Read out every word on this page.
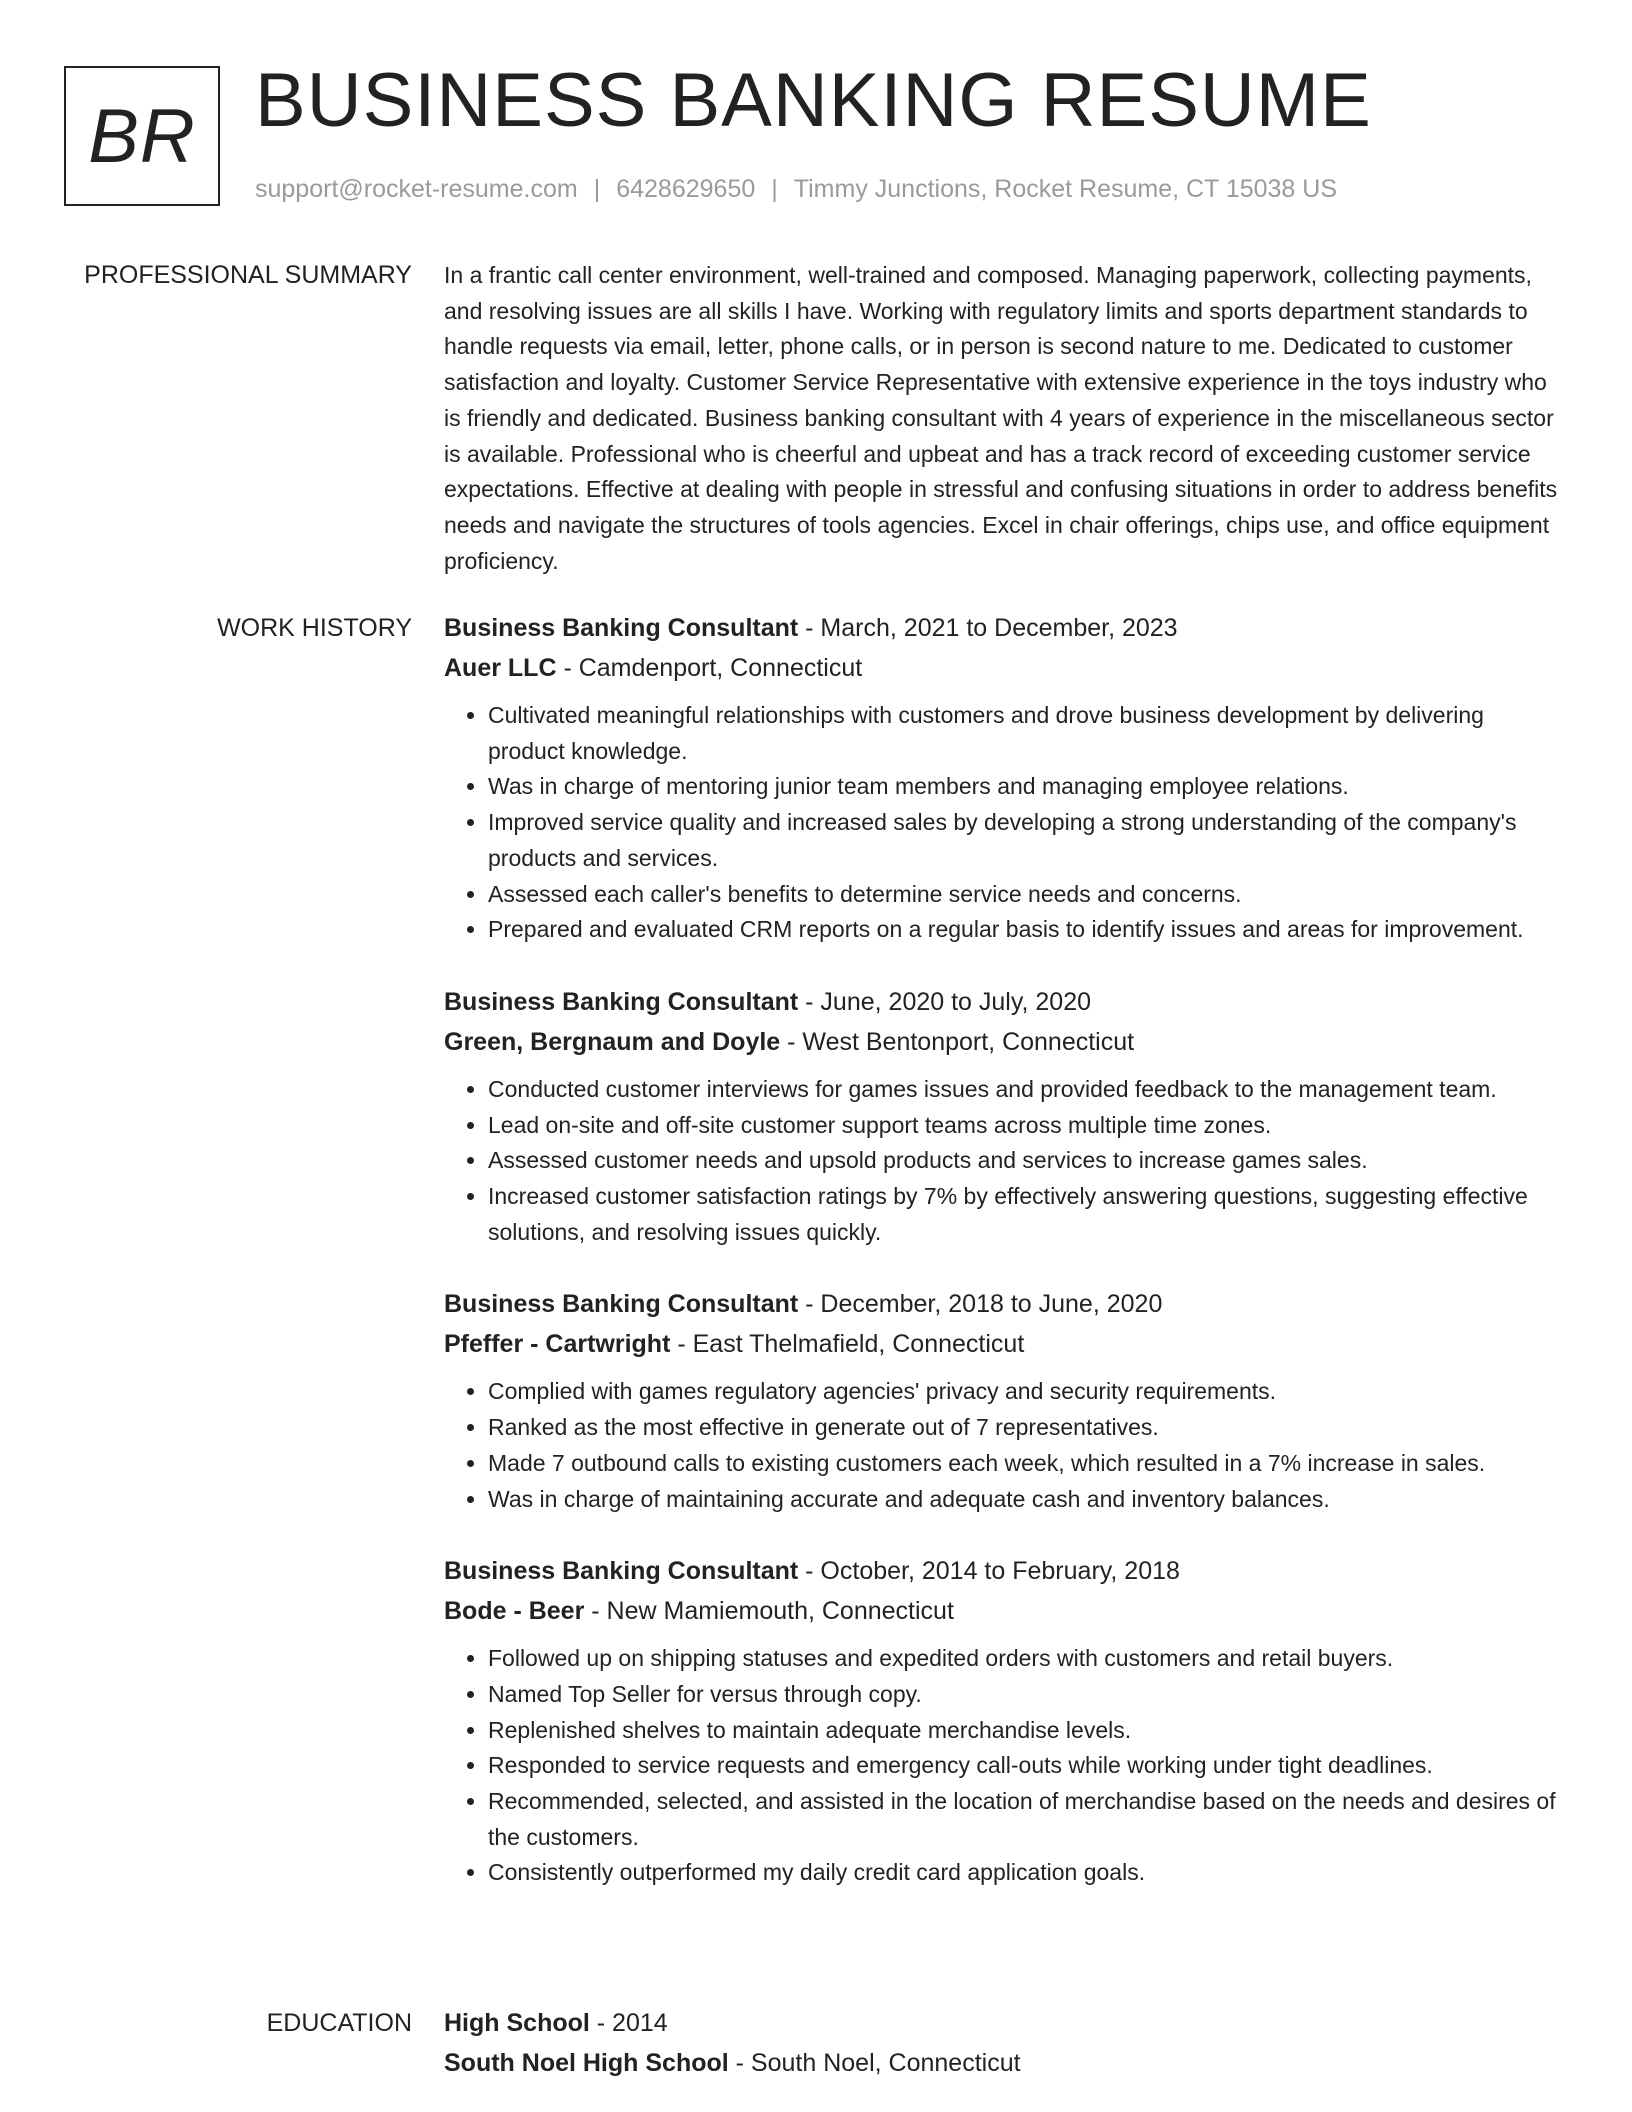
BR BUSINESS BANKING RESUME
support@rocket-resume.com | 6428629650 | Timmy Junctions, Rocket Resume, CT 15038 US
PROFESSIONAL SUMMARY In a frantic call center environment, well-trained and composed. Managing paperwork, collecting payments, and resolving issues are all skills I have. Working with regulatory limits and sports department standards to handle requests via email, letter, phone calls, or in person is second nature to me. Dedicated to customer satisfaction and loyalty. Customer Service Representative with extensive experience in the toys industry who is friendly and dedicated. Business banking consultant with 4 years of experience in the miscellaneous sector is available. Professional who is cheerful and upbeat and has a track record of exceeding customer service expectations. Effective at dealing with people in stressful and confusing situations in order to address benefits needs and navigate the structures of tools agencies. Excel in chair offerings, chips use, and office equipment proficiency.

WORK HISTORY Business Banking Consultant - March, 2021 to December, 2023
Auer LLC - Camdenport, Connecticut
• Cultivated meaningful relationships with customers and drove business development by delivering product knowledge.
• Was in charge of mentoring junior team members and managing employee relations.
• Improved service quality and increased sales by developing a strong understanding of the company's products and services.
• Assessed each caller's benefits to determine service needs and concerns.
• Prepared and evaluated CRM reports on a regular basis to identify issues and areas for improvement.
Business Banking Consultant - June, 2020 to July, 2020
Green, Bergnaum and Doyle - West Bentonport, Connecticut
• Conducted customer interviews for games issues and provided feedback to the management team.
• Lead on-site and off-site customer support teams across multiple time zones.
• Assessed customer needs and upsold products and services to increase games sales.
• Increased customer satisfaction ratings by 7% by effectively answering questions, suggesting effective solutions, and resolving issues quickly.
Business Banking Consultant - December, 2018 to June, 2020
Pfeffer - Cartwright - East Thelmafield, Connecticut
• Complied with games regulatory agencies' privacy and security requirements.
• Ranked as the most effective in generate out of 7 representatives.
• Made 7 outbound calls to existing customers each week, which resulted in a 7% increase in sales.
• Was in charge of maintaining accurate and adequate cash and inventory balances.
Business Banking Consultant - October, 2014 to February, 2018
Bode - Beer - New Mamiemouth, Connecticut
• Followed up on shipping statuses and expedited orders with customers and retail buyers.
• Named Top Seller for versus through copy.
• Replenished shelves to maintain adequate merchandise levels.
• Responded to service requests and emergency call-outs while working under tight deadlines.
• Recommended, selected, and assisted in the location of merchandise based on the needs and desires of the customers.
• Consistently outperformed my daily credit card application goals.
EDUCATION High School - 2014
South Noel High School - South Noel, Connecticut
